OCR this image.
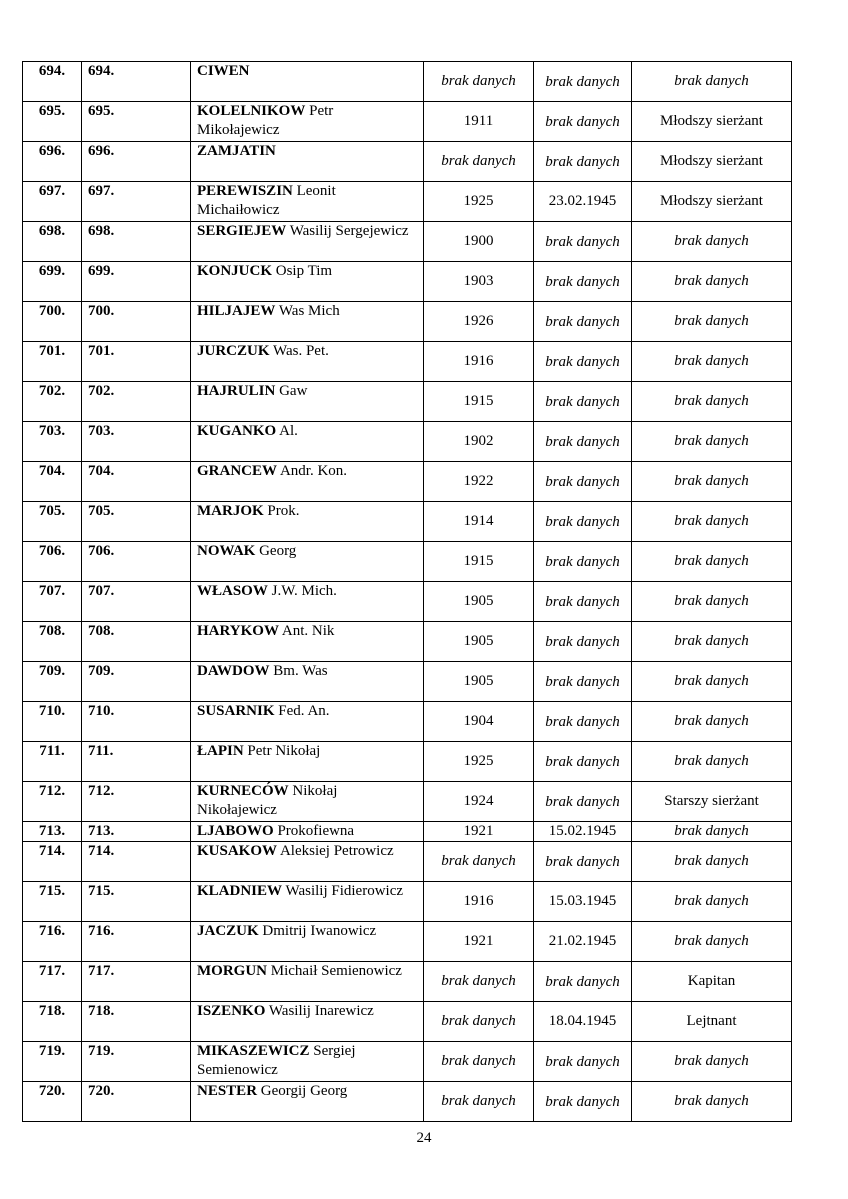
694.	694.	CIWEN	brak danych	brak danych	brak danych
695.	695.	KOLELNIKOW Petr Mikołajewicz	1911	brak danych	Młodszy sierżant
696.	696.	ZAMJATIN	brak danych	brak danych	Młodszy sierżant
697.	697.	PEREWISZIN Leonit Michaiłowicz	1925	23.02.1945	Młodszy sierżant
698.	698.	SERGIEJEW Wasilij Sergejewicz	1900	brak danych	brak danych
699.	699.	KONJUCK Osip Tim	1903	brak danych	brak danych
700.	700.	HILJAJEW Was Mich	1926	brak danych	brak danych
701.	701.	JURCZUK Was. Pet.	1916	brak danych	brak danych
702.	702.	HAJRULIN Gaw	1915	brak danych	brak danych
703.	703.	KUGANKO Al.	1902	brak danych	brak danych
704.	704.	GRANCEW Andr. Kon.	1922	brak danych	brak danych
705.	705.	MARJOK Prok.	1914	brak danych	brak danych
706.	706.	NOWAK Georg	1915	brak danych	brak danych
707.	707.	WŁASOW J.W. Mich.	1905	brak danych	brak danych
708.	708.	HARYKOW Ant. Nik	1905	brak danych	brak danych
709.	709.	DAWDOW Bm. Was	1905	brak danych	brak danych
710.	710.	SUSARNIK Fed. An.	1904	brak danych	brak danych
711.	711.	ŁAPIN Petr Nikołaj	1925	brak danych	brak danych
712.	712.	KURNECÓW Nikołaj Nikołajewicz	1924	brak danych	Starszy sierżant
713.	713.	LJABOWO Prokofiewna	1921	15.02.1945	brak danych
714.	714.	KUSAKOW Aleksiej Petrowicz	brak danych	brak danych	brak danych
715.	715.	KLADNIEW Wasilij Fidierowicz	1916	15.03.1945	brak danych
716.	716.	JACZUK Dmitrij Iwanowicz	1921	21.02.1945	brak danych
717.	717.	MORGUN Michaił Semienowicz	brak danych	brak danych	Kapitan
718.	718.	ISZENKO Wasilij Inarewicz	brak danych	18.04.1945	Lejtnant
719.	719.	MIKASZEWICZ Sergiej Semienowicz	brak danych	brak danych	brak danych
720.	720.	NESTER Georgij Georg	brak danych	brak danych	brak danych
24
